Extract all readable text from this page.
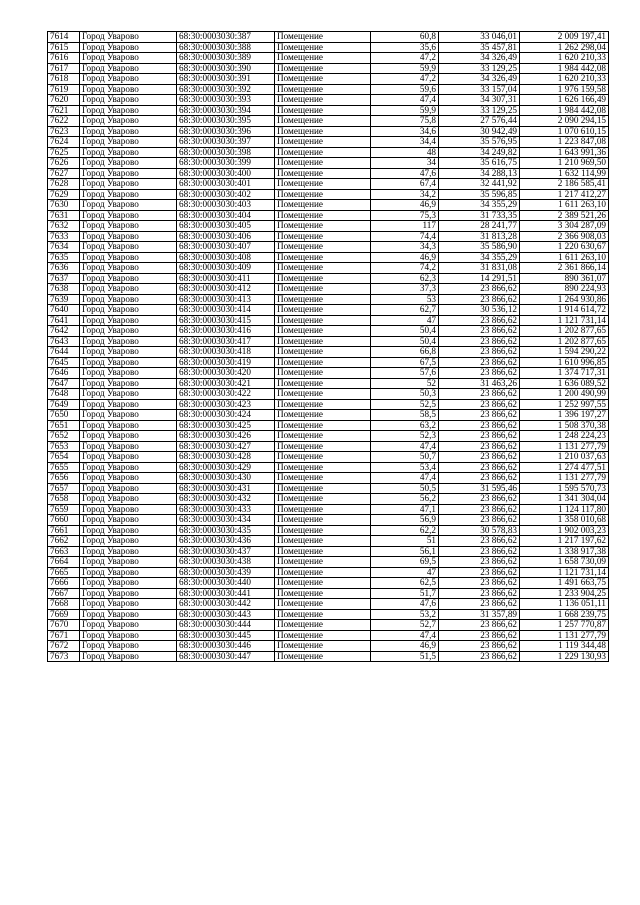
7614	Город Уварово	68:30:0003030:387	Помещение	60,8	33 046,01	2 009 197,41
7615	Город Уварово	68:30:0003030:388	Помещение	35,6	35 457,81	1 262 298,04
7616	Город Уварово	68:30:0003030:389	Помещение	47,2	34 326,49	1 620 210,33
7617	Город Уварово	68:30:0003030:390	Помещение	59,9	33 129,25	1 984 442,08
7618	Город Уварово	68:30:0003030:391	Помещение	47,2	34 326,49	1 620 210,33
7619	Город Уварово	68:30:0003030:392	Помещение	59,6	33 157,04	1 976 159,58
7620	Город Уварово	68:30:0003030:393	Помещение	47,4	34 307,31	1 626 166,49
7621	Город Уварово	68:30:0003030:394	Помещение	59,9	33 129,25	1 984 442,08
7622	Город Уварово	68:30:0003030:395	Помещение	75,8	27 576,44	2 090 294,15
7623	Город Уварово	68:30:0003030:396	Помещение	34,6	30 942,49	1 070 610,15
7624	Город Уварово	68:30:0003030:397	Помещение	34,4	35 576,95	1 223 847,08
7625	Город Уварово	68:30:0003030:398	Помещение	48	34 249,82	1 643 991,36
7626	Город Уварово	68:30:0003030:399	Помещение	34	35 616,75	1 210 969,50
7627	Город Уварово	68:30:0003030:400	Помещение	47,6	34 288,13	1 632 114,99
7628	Город Уварово	68:30:0003030:401	Помещение	67,4	32 441,92	2 186 585,41
7629	Город Уварово	68:30:0003030:402	Помещение	34,2	35 596,85	1 217 412,27
7630	Город Уварово	68:30:0003030:403	Помещение	46,9	34 355,29	1 611 263,10
7631	Город Уварово	68:30:0003030:404	Помещение	75,3	31 733,35	2 389 521,26
7632	Город Уварово	68:30:0003030:405	Помещение	117	28 241,77	3 304 287,09
7633	Город Уварово	68:30:0003030:406	Помещение	74,4	31 813,28	2 366 908,03
7634	Город Уварово	68:30:0003030:407	Помещение	34,3	35 586,90	1 220 630,67
7635	Город Уварово	68:30:0003030:408	Помещение	46,9	34 355,29	1 611 263,10
7636	Город Уварово	68:30:0003030:409	Помещение	74,2	31 831,08	2 361 866,14
7637	Город Уварово	68:30:0003030:411	Помещение	62,3	14 291,51	890 361,07
7638	Город Уварово	68:30:0003030:412	Помещение	37,3	23 866,62	890 224,93
7639	Город Уварово	68:30:0003030:413	Помещение	53	23 866,62	1 264 930,86
7640	Город Уварово	68:30:0003030:414	Помещение	62,7	30 536,12	1 914 614,72
7641	Город Уварово	68:30:0003030:415	Помещение	47	23 866,62	1 121 731,14
7642	Город Уварово	68:30:0003030:416	Помещение	50,4	23 866,62	1 202 877,65
7643	Город Уварово	68:30:0003030:417	Помещение	50,4	23 866,62	1 202 877,65
7644	Город Уварово	68:30:0003030:418	Помещение	66,8	23 866,62	1 594 290,22
7645	Город Уварово	68:30:0003030:419	Помещение	67,5	23 866,62	1 610 996,85
7646	Город Уварово	68:30:0003030:420	Помещение	57,6	23 866,62	1 374 717,31
7647	Город Уварово	68:30:0003030:421	Помещение	52	31 463,26	1 636 089,52
7648	Город Уварово	68:30:0003030:422	Помещение	50,3	23 866,62	1 200 490,99
7649	Город Уварово	68:30:0003030:423	Помещение	52,5	23 866,62	1 252 997,55
7650	Город Уварово	68:30:0003030:424	Помещение	58,5	23 866,62	1 396 197,27
7651	Город Уварово	68:30:0003030:425	Помещение	63,2	23 866,62	1 508 370,38
7652	Город Уварово	68:30:0003030:426	Помещение	52,3	23 866,62	1 248 224,23
7653	Город Уварово	68:30:0003030:427	Помещение	47,4	23 866,62	1 131 277,79
7654	Город Уварово	68:30:0003030:428	Помещение	50,7	23 866,62	1 210 037,63
7655	Город Уварово	68:30:0003030:429	Помещение	53,4	23 866,62	1 274 477,51
7656	Город Уварово	68:30:0003030:430	Помещение	47,4	23 866,62	1 131 277,79
7657	Город Уварово	68:30:0003030:431	Помещение	50,5	31 595,46	1 595 570,73
7658	Город Уварово	68:30:0003030:432	Помещение	56,2	23 866,62	1 341 304,04
7659	Город Уварово	68:30:0003030:433	Помещение	47,1	23 866,62	1 124 117,80
7660	Город Уварово	68:30:0003030:434	Помещение	56,9	23 866,62	1 358 010,68
7661	Город Уварово	68:30:0003030:435	Помещение	62,2	30 578,83	1 902 003,23
7662	Город Уварово	68:30:0003030:436	Помещение	51	23 866,62	1 217 197,62
7663	Город Уварово	68:30:0003030:437	Помещение	56,1	23 866,62	1 338 917,38
7664	Город Уварово	68:30:0003030:438	Помещение	69,5	23 866,62	1 658 730,09
7665	Город Уварово	68:30:0003030:439	Помещение	47	23 866,62	1 121 731,14
7666	Город Уварово	68:30:0003030:440	Помещение	62,5	23 866,62	1 491 663,75
7667	Город Уварово	68:30:0003030:441	Помещение	51,7	23 866,62	1 233 904,25
7668	Город Уварово	68:30:0003030:442	Помещение	47,6	23 866,62	1 136 051,11
7669	Город Уварово	68:30:0003030:443	Помещение	53,2	31 357,89	1 668 239,75
7670	Город Уварово	68:30:0003030:444	Помещение	52,7	23 866,62	1 257 770,87
7671	Город Уварово	68:30:0003030:445	Помещение	47,4	23 866,62	1 131 277,79
7672	Город Уварово	68:30:0003030:446	Помещение	46,9	23 866,62	1 119 344,48
7673	Город Уварово	68:30:0003030:447	Помещение	51,5	23 866,62	1 229 130,93
